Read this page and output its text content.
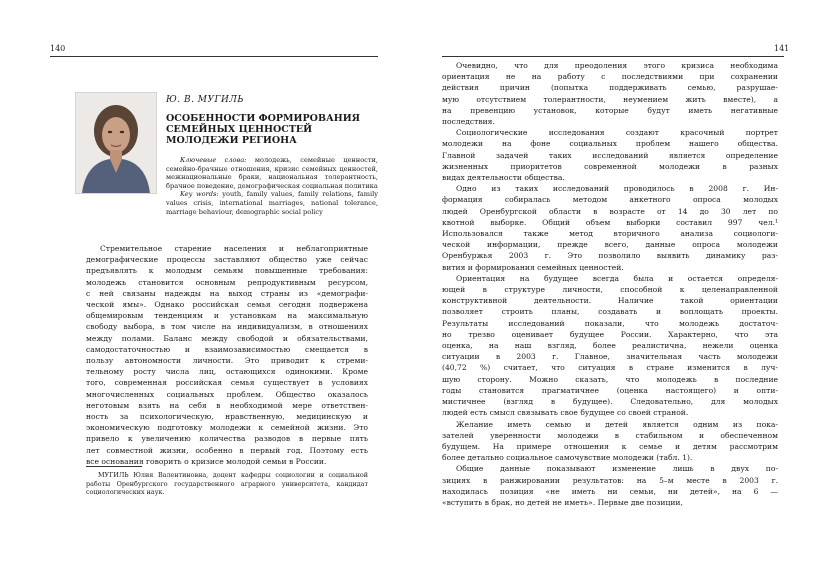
140
Ю. В. МУГИЛЬ
ОСОБЕННОСТИ ФОРМИРОВАНИЯ
СЕМЕЙНЫХ ЦЕННОСТЕЙ
МОЛОДЕЖИ РЕГИОНА

Ключевые слова: молодежь, семейные ценности, семейно-брачные отношения, кризис семейных ценностей, межнациональные браки, национальная толерантность, брачное поведение, демографическая социальная политика

Key words: youth, family values, family relations, family values crisis, international marriages, national tolerance, marriage behaviour, demographic social policy

Стремительное старение населения и неблагоприятные
демографические процессы заставляют общество уже сейчас
предъявлять к молодым семьям повышенные требования:
молодежь становится основным репродуктивным ресурсом,
с ней связаны надежды на выход страны из «демографи-
ческой ямы». Однако российская семья сегодня подвержена
общемировым тенденциям и установкам на максимальную
свободу выбора, в том числе на индивидуализм, в отношениях
между полами. Баланс между свободой и обязательствами,
самодостаточностью и взаимозависимостью смещается в
пользу автономности личности. Это приводит к стреми-
тельному росту числа лиц, остающихся одинокими. Кроме
того, современная российская семья существует в условиях
многочисленных социальных проблем. Общество оказалось
неготовым взять на себя в необходимой мере ответствен-
ность за психологическую, нравственную, медицинскую и
экономическую подготовку молодежи к семейной жизни. Это
привело к увеличению количества разводов в первые пять
лет совместной жизни, особенно в первый год. Поэтому есть
все основания говорить о кризисе молодой семьи в России.

МУГИЛЬ Юлия Валентиновна, доцент кафедры социологии и социальной работы Оренбургского государственного аграрного университета, кандидат социологических наук.

141
Очевидно, что для преодоления этого кризиса необходима
ориентация не на работу с последствиями при сохранении
действия причин (попытка поддерживать семью, разрушае-
мую отсутствием толерантности, неумением жить вместе), а
на превенцию установок, которые будут иметь негативные
последствия.
Социологические исследования создают красочный портрет
молодежи на фоне социальных проблем нашего общества.
Главной задачей таких исследований является определение
жизненных приоритетов современной молодежи в разных
видах деятельности общества.
Одно из таких исследований проводилось в 2008 г. Ин-
формация собиралась методом анкетного опроса молодых
людей Оренбургской области в возрасте от 14 до 30 лет по
квотной выборке. Общий объем выборки составил 997 чел.¹
Использовался также метод вторичного анализа социологи-
ческой информации, прежде всего, данные опроса молодежи
Оренбуржья 2003 г. Это позволило выявить динамику раз-
вития и формирования семейных ценностей.
Ориентация на будущее всегда была и остается определя-
ющей в структуре личности, способной к целенаправленной
конструктивной деятельности. Наличие такой ориентации
позволяет строить планы, создавать и воплощать проекты.
Результаты исследований показали, что молодежь достаточ-
но трезво оценивает будущее России. Характерно, что эта
оценка, на наш взгляд, более реалистична, нежели оценка
ситуации в 2003 г. Главное, значительная часть молодежи
(40,72 %) считает, что ситуация в стране изменится в луч-
шую сторону. Можно сказать, что молодежь в последние
годы становится прагматичнее (оценка настоящего) и опти-
мистичнее (взгляд в будущее). Следовательно, для молодых
людей есть смысл связывать свое будущее со своей страной.
Желание иметь семью и детей является одним из пока-
зателей уверенности молодежи в стабильном и обеспеченном
будущем. На примере отношения к семье и детям рассмотрим
более детально социальное самочувствие молодежи (табл. 1).
Общие данные показывают изменение лишь в двух по-
зициях в ранжировании результатов: на 5–м месте в 2003 г.
находилась позиция «не иметь ни семьи, ни детей», на 6 —
«вступить в брак, но детей не иметь». Первые две позиции,
